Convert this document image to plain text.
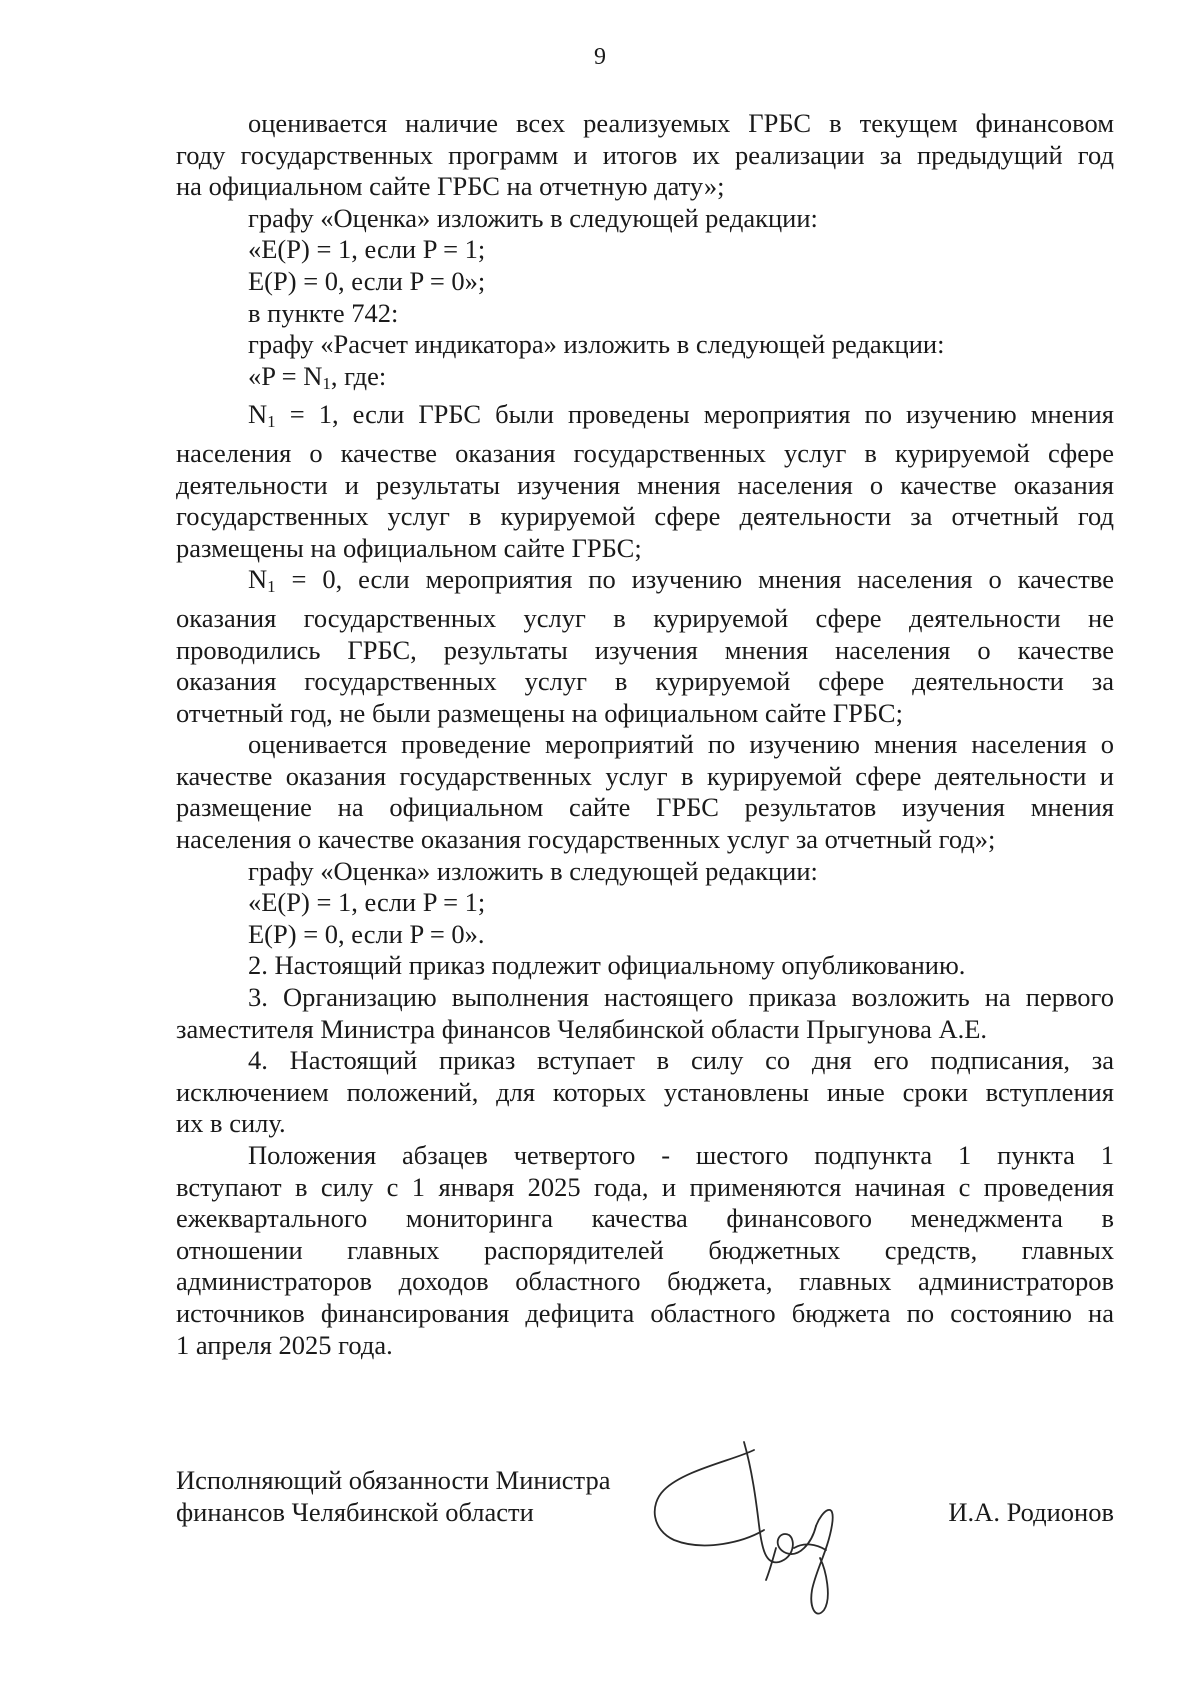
9

оценивается наличие всех реализуемых ГРБС в текущем финансовом

году государственных программ и итогов их реализации за предыдущий год

на официальном сайте ГРБС на отчетную дату»;

графу «Оценка» изложить в следующей редакции:

«E(P) = 1, если P = 1;

E(P) = 0, если P = 0»;

в пункте 742:

графу «Расчет индикатора» изложить в следующей редакции:

«P = N1, где:

N1 = 1, если ГРБС были проведены мероприятия по изучению мнения

населения о качестве оказания государственных услуг в курируемой сфере

деятельности и результаты изучения мнения населения о качестве оказания

государственных услуг в курируемой сфере деятельности за отчетный год

размещены на официальном сайте ГРБС;

N1 = 0, если мероприятия по изучению мнения населения о качестве

оказания государственных услуг в курируемой сфере деятельности не

проводились ГРБС, результаты изучения мнения населения о качестве

оказания государственных услуг в курируемой сфере деятельности за

отчетный год, не были размещены на официальном сайте ГРБС;

оценивается проведение мероприятий по изучению мнения населения о

качестве оказания государственных услуг в курируемой сфере деятельности и

размещение на официальном сайте ГРБС результатов изучения мнения

населения о качестве оказания государственных услуг за отчетный год»;

графу «Оценка» изложить в следующей редакции:

«E(P) = 1, если P = 1;

E(P) = 0, если P = 0».

2. Настоящий приказ подлежит официальному опубликованию.

3. Организацию выполнения настоящего приказа возложить на первого

заместителя Министра финансов Челябинской области Прыгунова А.Е.

4. Настоящий приказ вступает в силу со дня его подписания, за

исключением положений, для которых установлены иные сроки вступления

их в силу.

Положения абзацев четвертого - шестого подпункта 1 пункта 1

вступают в силу с 1 января 2025 года, и применяются начиная с проведения

ежеквартального мониторинга качества финансового менеджмента в

отношении главных распорядителей бюджетных средств, главных

администраторов доходов областного бюджета, главных администраторов

источников финансирования дефицита областного бюджета по состоянию на

1 апреля 2025 года.

Исполняющий обязанности Министра
финансов Челябинской области	И.А. Родионов
